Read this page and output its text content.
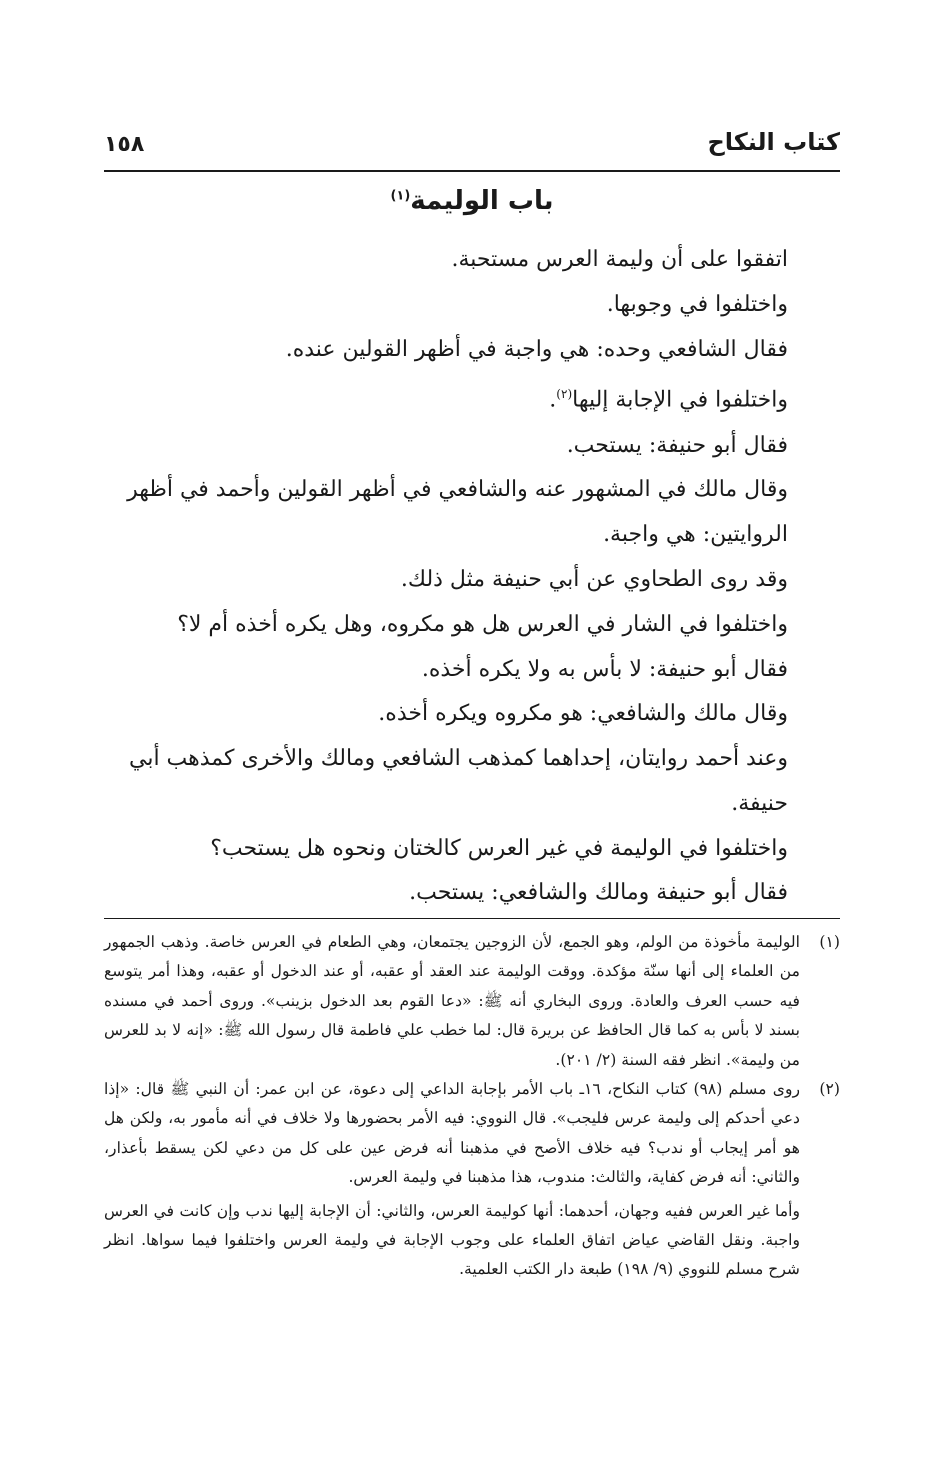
١٥٨	كتاب النكاح
باب الوليمة$^{(١)}$

اتفقوا على أن وليمة العرس مستحبة.

واختلفوا في وجوبها.

فقال الشافعي وحده: هي واجبة في أظهر القولين عنده.

واختلفوا في الإجابة إليها$^{(٢)}$.

فقال أبو حنيفة: يستحب.

وقال مالك في المشهور عنه والشافعي في أظهر القولين وأحمد في أظهر الروايتين: هي واجبة.

وقد روى الطحاوي عن أبي حنيفة مثل ذلك.

واختلفوا في الشار في العرس هل هو مكروه، وهل يكره أخذه أم لا؟

فقال أبو حنيفة: لا بأس به ولا يكره أخذه.

وقال مالك والشافعي: هو مكروه ويكره أخذه.

وعند أحمد روايتان، إحداهما كمذهب الشافعي ومالك والأخرى كمذهب أبي حنيفة.

واختلفوا في الوليمة في غير العرس كالختان ونحوه هل يستحب؟

فقال أبو حنيفة ومالك والشافعي: يستحب.

(١)
الوليمة مأخوذة من الولم، وهو الجمع، لأن الزوجين يجتمعان، وهي الطعام في العرس خاصة. وذهب الجمهور من العلماء إلى أنها سنّة مؤكدة. ووقت الوليمة عند العقد أو عقبه، أو عند الدخول أو عقبه، وهذا أمر يتوسع فيه حسب العرف والعادة. وروى البخاري أنه ﷺ: «دعا القوم بعد الدخول بزينب». وروى أحمد في مسنده بسند لا بأس به كما قال الحافظ عن بريرة قال: لما خطب علي فاطمة قال رسول الله ﷺ: «إنه لا بد للعرس من وليمة». انظر فقه السنة (٢/ ٢٠١).
(٢)
روى مسلم (٩٨) كتاب النكاح، ١٦ـ باب الأمر بإجابة الداعي إلى دعوة، عن ابن عمر: أن النبي ﷺ قال: «إذا دعي أحدكم إلى وليمة عرس فليجب». قال النووي: فيه الأمر بحضورها ولا خلاف في أنه مأمور به، ولكن هل هو أمر إيجاب أو ندب؟ فيه خلاف الأصح في مذهبنا أنه فرض عين على كل من دعي لكن يسقط بأعذار، والثاني: أنه فرض كفاية، والثالث: مندوب، هذا مذهبنا في وليمة العرس.
وأما غير العرس ففيه وجهان، أحدهما: أنها كوليمة العرس، والثاني: أن الإجابة إليها ندب وإن كانت في العرس واجبة. ونقل القاضي عياض اتفاق العلماء على وجوب الإجابة في وليمة العرس واختلفوا فيما سواها. انظر شرح مسلم للنووي (٩/ ١٩٨) طبعة دار الكتب العلمية.
